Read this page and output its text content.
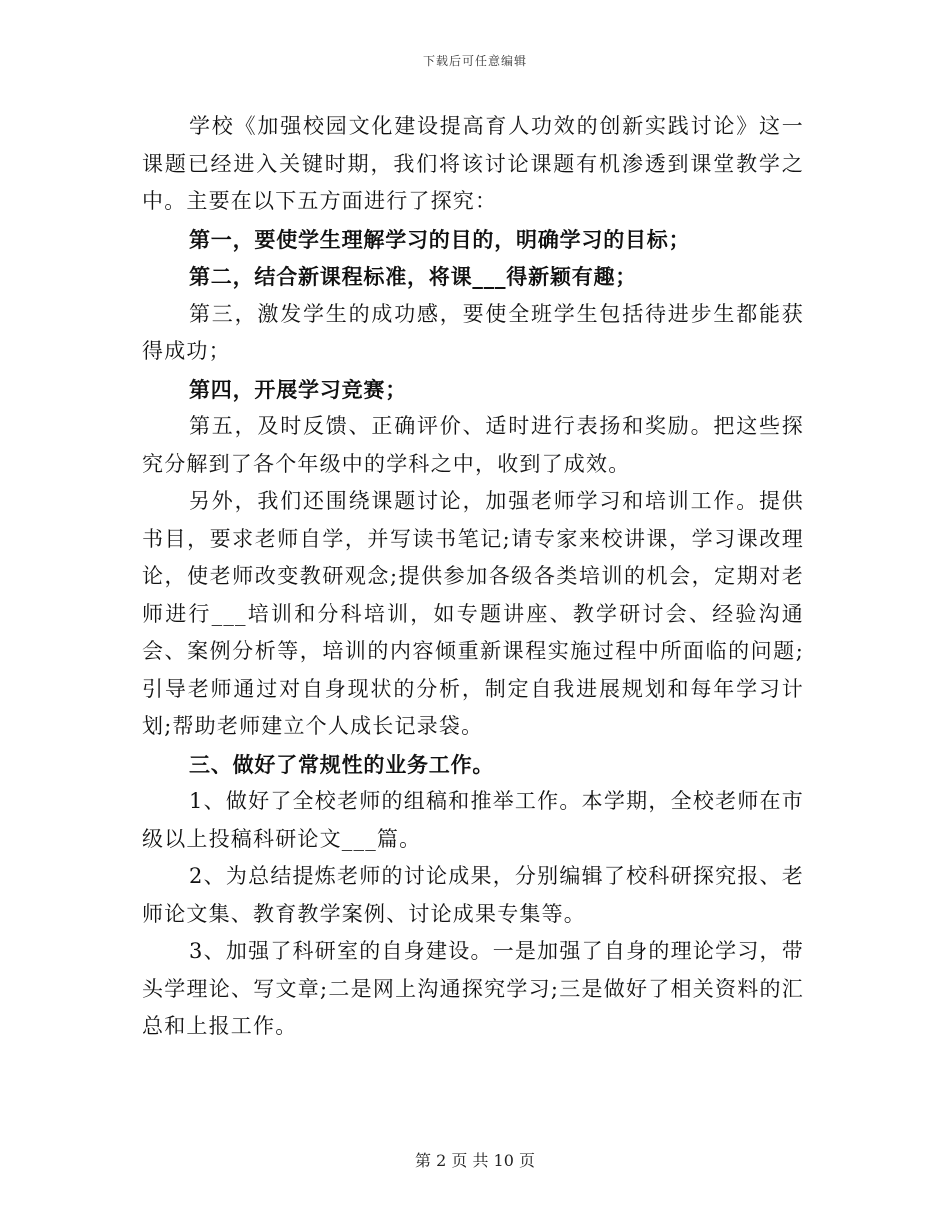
下载后可任意编辑

学校《加强校园文化建设提高育人功效的创新实践讨论》这一课题已经进入关键时期，我们将该讨论课题有机渗透到课堂教学之中。主要在以下五方面进行了探究：

第一，要使学生理解学习的目的，明确学习的目标；

第二，结合新课程标准，将课___得新颖有趣；

第三，激发学生的成功感，要使全班学生包括待进步生都能获得成功；

第四，开展学习竞赛；

第五，及时反馈、正确评价、适时进行表扬和奖励。把这些探究分解到了各个年级中的学科之中，收到了成效。

另外，我们还围绕课题讨论，加强老师学习和培训工作。提供书目，要求老师自学，并写读书笔记;请专家来校讲课，学习课改理论，使老师改变教研观念;提供参加各级各类培训的机会，定期对老师进行___培训和分科培训，如专题讲座、教学研讨会、经验沟通会、案例分析等，培训的内容倾重新课程实施过程中所面临的问题;引导老师通过对自身现状的分析，制定自我进展规划和每年学习计划;帮助老师建立个人成长记录袋。

三、做好了常规性的业务工作。

1、做好了全校老师的组稿和推举工作。本学期，全校老师在市级以上投稿科研论文___篇。

2、为总结提炼老师的讨论成果，分别编辑了校科研探究报、老师论文集、教育教学案例、讨论成果专集等。

3、加强了科研室的自身建设。一是加强了自身的理论学习，带头学理论、写文章;二是网上沟通探究学习;三是做好了相关资料的汇总和上报工作。

第 2 页 共 10 页
